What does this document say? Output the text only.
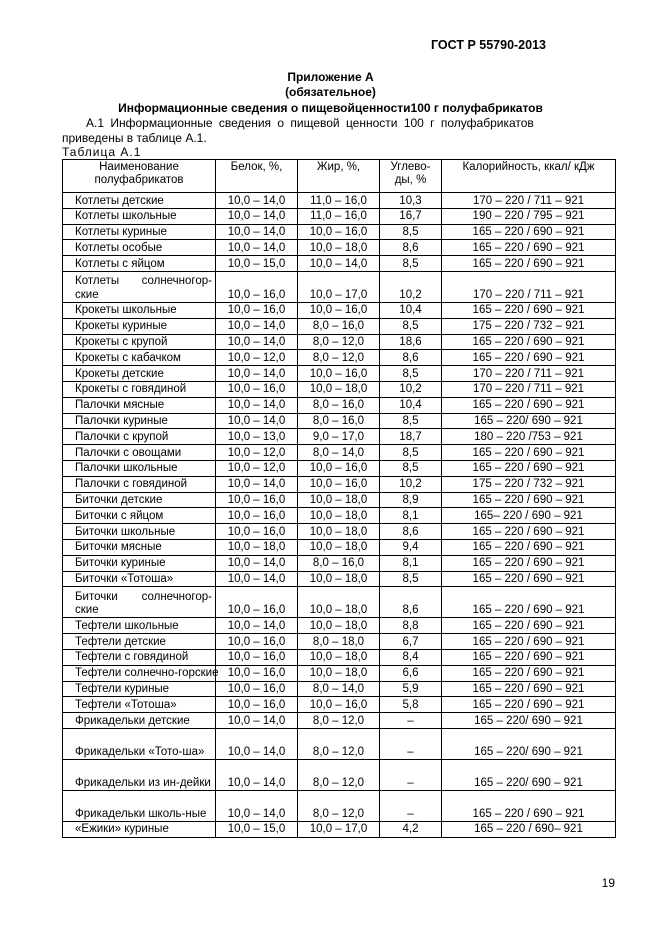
ГОСТ Р 55790-2013
Приложение А
(обязательное)
Информационные сведения о пищевойценности100 г полуфабрикатов
А.1 Информационные сведения о пищевой ценности 100 г полуфабрикатов
приведены в таблице А.1.
Таблица А.1
Наименование полуфабрикатов	Белок, %,	Жир, %,	Углево-ды, %	Калорийность, ккал/ кДж
Котлеты детские	10,0 – 14,0	11,0 – 16,0	10,3	170 – 220 / 711 – 921
Котлеты школьные	10,0 – 14,0	11,0 – 16,0	16,7	190 – 220 / 795 – 921
Котлеты куриные	10,0 – 14,0	10,0 – 16,0	8,5	165 – 220 / 690 – 921
Котлеты особые	10,0 – 14,0	10,0 – 18,0	8,6	165 – 220 / 690 – 921
Котлеты с яйцом	10,0 – 15,0	10,0 – 14,0	8,5	165 – 220 / 690 – 921
Котлеты солнечногор-ские	10,0 – 16,0	10,0 – 17,0	10,2	170 – 220 / 711 – 921
Крокеты школьные	10,0 – 16,0	10,0 – 16,0	10,4	165 – 220 / 690 – 921
Крокеты куриные	10,0 – 14,0	8,0 – 16,0	8,5	175 – 220 / 732 – 921
Крокеты с крупой	10,0 – 14,0	8,0 – 12,0	18,6	165 – 220 / 690 – 921
Крокеты с кабачком	10,0 – 12,0	8,0 – 12,0	8,6	165 – 220 / 690 – 921
Крокеты детские	10,0 – 14,0	10,0 – 16,0	8,5	170 – 220 / 711 – 921
Крокеты с говядиной	10,0 – 16,0	10,0 – 18,0	10,2	170 – 220 / 711 – 921
Палочки мясные	10,0 – 14,0	8,0 – 16,0	10,4	165 – 220 / 690 – 921
Палочки куриные	10,0 – 14,0	8,0 – 16,0	8,5	165 – 220/ 690 – 921
Палочки с крупой	10,0 – 13,0	9,0 – 17,0	18,7	180 – 220 /753 – 921
Палочки с овощами	10,0 – 12,0	8,0 – 14,0	8,5	165 – 220 / 690 – 921
Палочки школьные	10,0 – 12,0	10,0 – 16,0	8,5	165 – 220 / 690 – 921
Палочки с говядиной	10,0 – 14,0	10,0 – 16,0	10,2	175 – 220 / 732 – 921
Биточки детские	10,0 – 16,0	10,0 – 18,0	8,9	165 – 220 / 690 – 921
Биточки с яйцом	10,0 – 16,0	10,0 – 18,0	8,1	165– 220 / 690 – 921
Биточки школьные	10,0 – 16,0	10,0 – 18,0	8,6	165 – 220 / 690 – 921
Биточки мясные	10,0 – 18,0	10,0 – 18,0	9,4	165 – 220 / 690 – 921
Биточки куриные	10,0 – 14,0	8,0 – 16,0	8,1	165 – 220 / 690 – 921
Биточки «Тотоша»	10,0 – 14,0	10,0 – 18,0	8,5	165 – 220 / 690 – 921
Биточки солнечногор-ские	10,0 – 16,0	10,0 – 18,0	8,6	165 – 220 / 690 – 921
Тефтели школьные	10,0 – 14,0	10,0 – 18,0	8,8	165 – 220 / 690 – 921
Тефтели детские	10,0 – 16,0	8,0 – 18,0	6,7	165 – 220 / 690 – 921
Тефтели с говядиной	10,0 – 16,0	10,0 – 18,0	8,4	165 – 220 / 690 – 921
Тефтели солнечно-горские	10,0 – 16,0	10,0 – 18,0	6,6	165 – 220 / 690 – 921
Тефтели куриные	10,0 – 16,0	8,0 – 14,0	5,9	165 – 220 / 690 – 921
Тефтели «Тотоша»	10,0 – 16,0	10,0 – 16,0	5,8	165 – 220 / 690 – 921
Фрикадельки детские	10,0 – 14,0	8,0 – 12,0	–	165 – 220/ 690 – 921
Фрикадельки «Тото-ша»	10,0 – 14,0	8,0 – 12,0	–	165 – 220/ 690 – 921
Фрикадельки из ин-дейки	10,0 – 14,0	8,0 – 12,0	–	165 – 220/ 690 – 921
Фрикадельки школь-ные	10,0 – 14,0	8,0 – 12,0	–	165 – 220 / 690 – 921
«Ежики» куриные	10,0 – 15,0	10,0 – 17,0	4,2	165 – 220 / 690– 921
19
